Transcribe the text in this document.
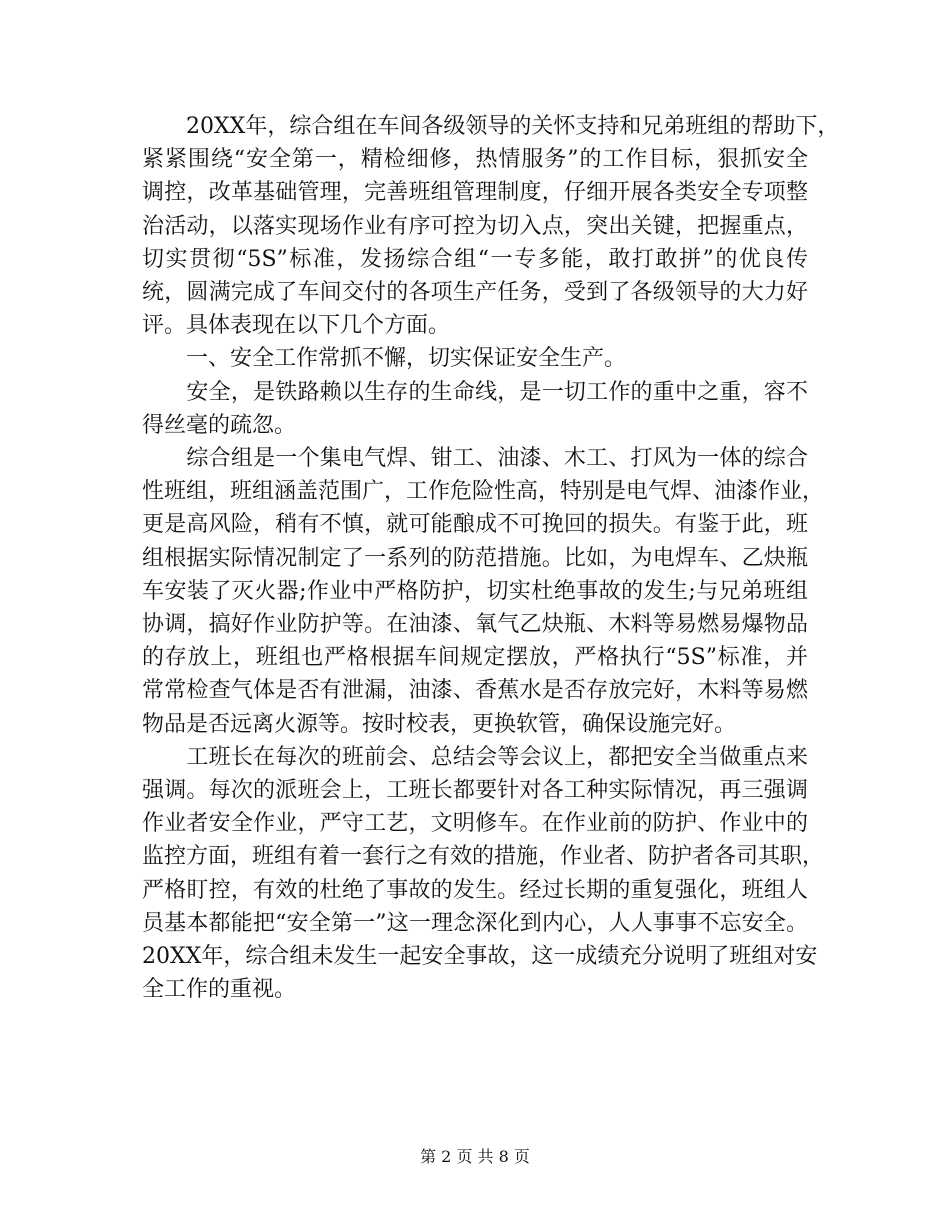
　　20XX年，综合组在车间各级领导的关怀支持和兄弟班组的帮助下，
紧紧围绕“安全第一，精检细修，热情服务”的工作目标，狠抓安全
调控，改革基础管理，完善班组管理制度，仔细开展各类安全专项整
治活动，以落实现场作业有序可控为切入点，突出关键，把握重点，
切实贯彻“5S”标准，发扬综合组“一专多能，敢打敢拼”的优良传
统，圆满完成了车间交付的各项生产任务，受到了各级领导的大力好
评。具体表现在以下几个方面。
　　一、安全工作常抓不懈，切实保证安全生产。
　　安全，是铁路赖以生存的生命线，是一切工作的重中之重，容不
得丝毫的疏忽。
　　综合组是一个集电气焊、钳工、油漆、木工、打风为一体的综合
性班组，班组涵盖范围广，工作危险性高，特别是电气焊、油漆作业，
更是高风险，稍有不慎，就可能酿成不可挽回的损失。有鉴于此，班
组根据实际情况制定了一系列的防范措施。比如，为电焊车、乙炔瓶
车安装了灭火器;作业中严格防护，切实杜绝事故的发生;与兄弟班组
协调，搞好作业防护等。在油漆、氧气乙炔瓶、木料等易燃易爆物品
的存放上，班组也严格根据车间规定摆放，严格执行“5S”标准，并
常常检查气体是否有泄漏，油漆、香蕉水是否存放完好，木料等易燃
物品是否远离火源等。按时校表，更换软管，确保设施完好。
　　工班长在每次的班前会、总结会等会议上，都把安全当做重点来
强调。每次的派班会上，工班长都要针对各工种实际情况，再三强调
作业者安全作业，严守工艺，文明修车。在作业前的防护、作业中的
监控方面，班组有着一套行之有效的措施，作业者、防护者各司其职，
严格盯控，有效的杜绝了事故的发生。经过长期的重复强化，班组人
员基本都能把“安全第一”这一理念深化到内心，人人事事不忘安全。
20XX年，综合组未发生一起安全事故，这一成绩充分说明了班组对安
全工作的重视。
第 2 页 共 8 页
